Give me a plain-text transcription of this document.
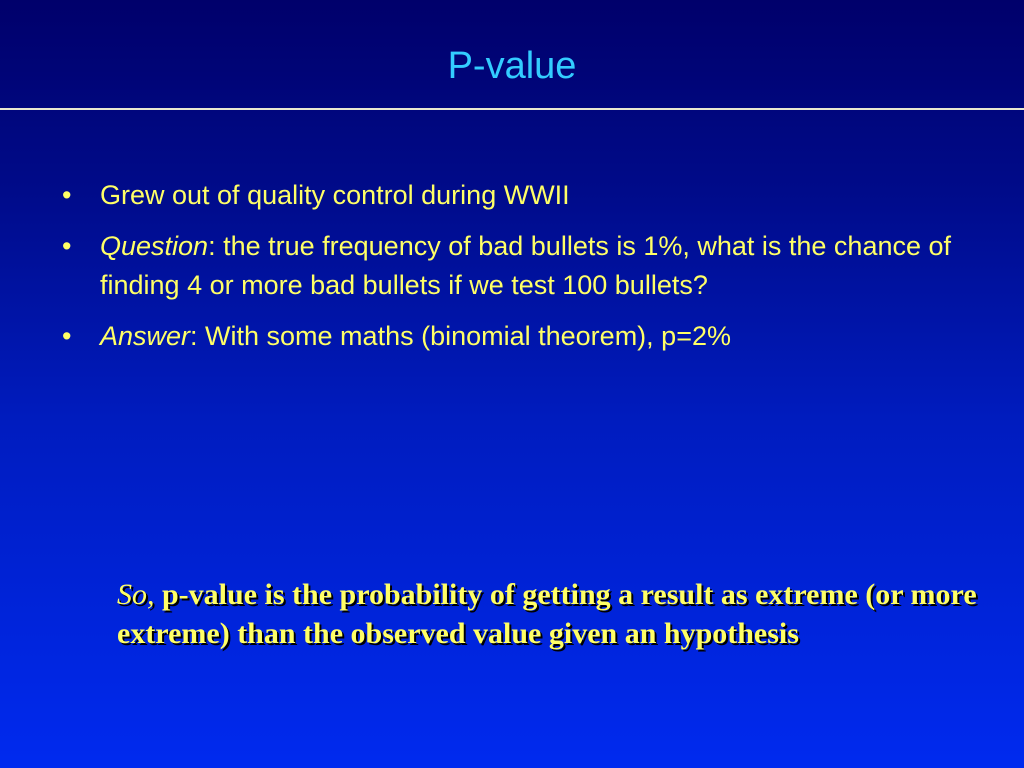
P-value
• Grew out of quality control during WWII
• Question: the true frequency of bad bullets is 1%, what is the chance of finding 4 or more bad bullets if we test 100 bullets?
• Answer: With some maths (binomial theorem), p=2%
So, p-value is the probability of getting a result as extreme (or more extreme) than the observed value given an hypothesis
